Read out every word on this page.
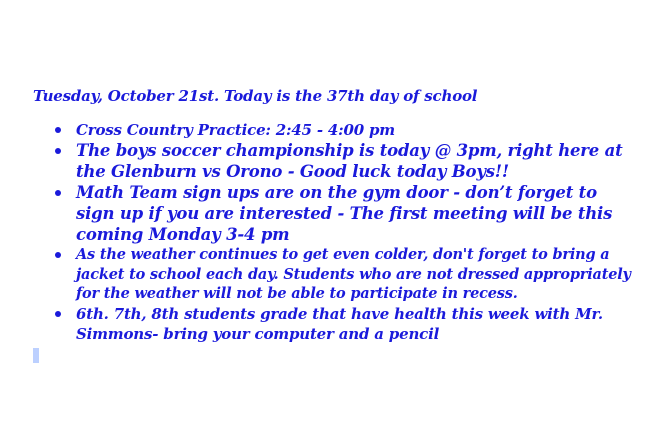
Tuesday, October 21st. Today is the 37th day of school

Cross Country Practice: 2:45 - 4:00 pm
The boys soccer championship is today @ 3pm, right here at the Glenburn vs Orono - Good luck today Boys!!
Math Team sign ups are on the gym door - don’t forget to sign up if you are interested - The first meeting will be this coming Monday 3-4 pm
As the weather continues to get even colder, don't forget to bring a jacket to school each day. Students who are not dressed appropriately for the weather will not be able to participate in recess.
6th. 7th, 8th students grade that have health this week with Mr. Simmons- bring your computer and a pencil
